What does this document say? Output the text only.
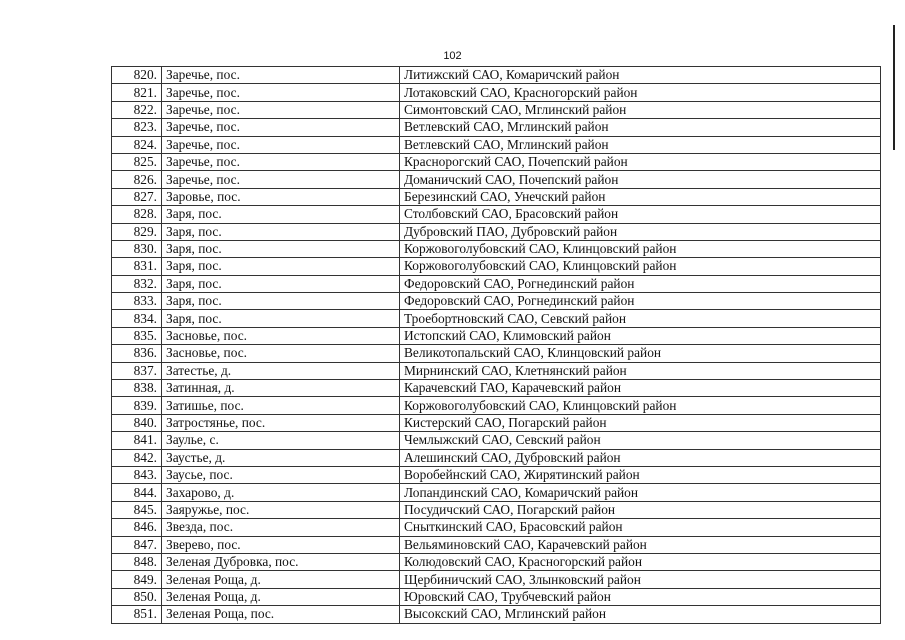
102
820.	Заречье, пос.	Литижский САО, Комаричский район
821.	Заречье, пос.	Лотаковский САО, Красногорский район
822.	Заречье, пос.	Симонтовский САО, Мглинский район
823.	Заречье, пос.	Ветлевский САО, Мглинский район
824.	Заречье, пос.	Ветлевский САО, Мглинский район
825.	Заречье, пос.	Краснорогский САО, Почепский район
826.	Заречье, пос.	Доманичский САО, Почепский район
827.	Заровье, пос.	Березинский САО, Унечский район
828.	Заря, пос.	Столбовский САО, Брасовский район
829.	Заря, пос.	Дубровский ПАО, Дубровский район
830.	Заря, пос.	Коржовоголубовский САО, Клинцовский район
831.	Заря, пос.	Коржовоголубовский САО, Клинцовский район
832.	Заря, пос.	Федоровский САО, Рогнединский район
833.	Заря, пос.	Федоровский САО, Рогнединский район
834.	Заря, пос.	Троебортновский САО, Севский район
835.	Засновье, пос.	Истопский САО, Климовский район
836.	Засновье, пос.	Великотопальский САО, Клинцовский район
837.	Затестье, д.	Мирнинский САО, Клетнянский район
838.	Затинная, д.	Карачевский ГАО, Карачевский район
839.	Затишье, пос.	Коржовоголубовский САО, Клинцовский район
840.	Затростянье, пос.	Кистерский САО, Погарский район
841.	Заулье, с.	Чемлыжский САО, Севский район
842.	Заустье, д.	Алешинский САО, Дубровский район
843.	Заусье, пос.	Воробейнский САО, Жирятинский район
844.	Захарово, д.	Лопандинский САО, Комаричский район
845.	Заяружье, пос.	Посудичский САО, Погарский район
846.	Звезда, пос.	Сныткинский САО, Брасовский район
847.	Зверево, пос.	Вельяминовский САО, Карачевский район
848.	Зеленая Дубровка, пос.	Колюдовский САО, Красногорский район
849.	Зеленая Роща, д.	Щербиничский САО, Злынковский район
850.	Зеленая Роща, д.	Юровский САО, Трубчевский район
851.	Зеленая Роща, пос.	Высокский САО, Мглинский район
